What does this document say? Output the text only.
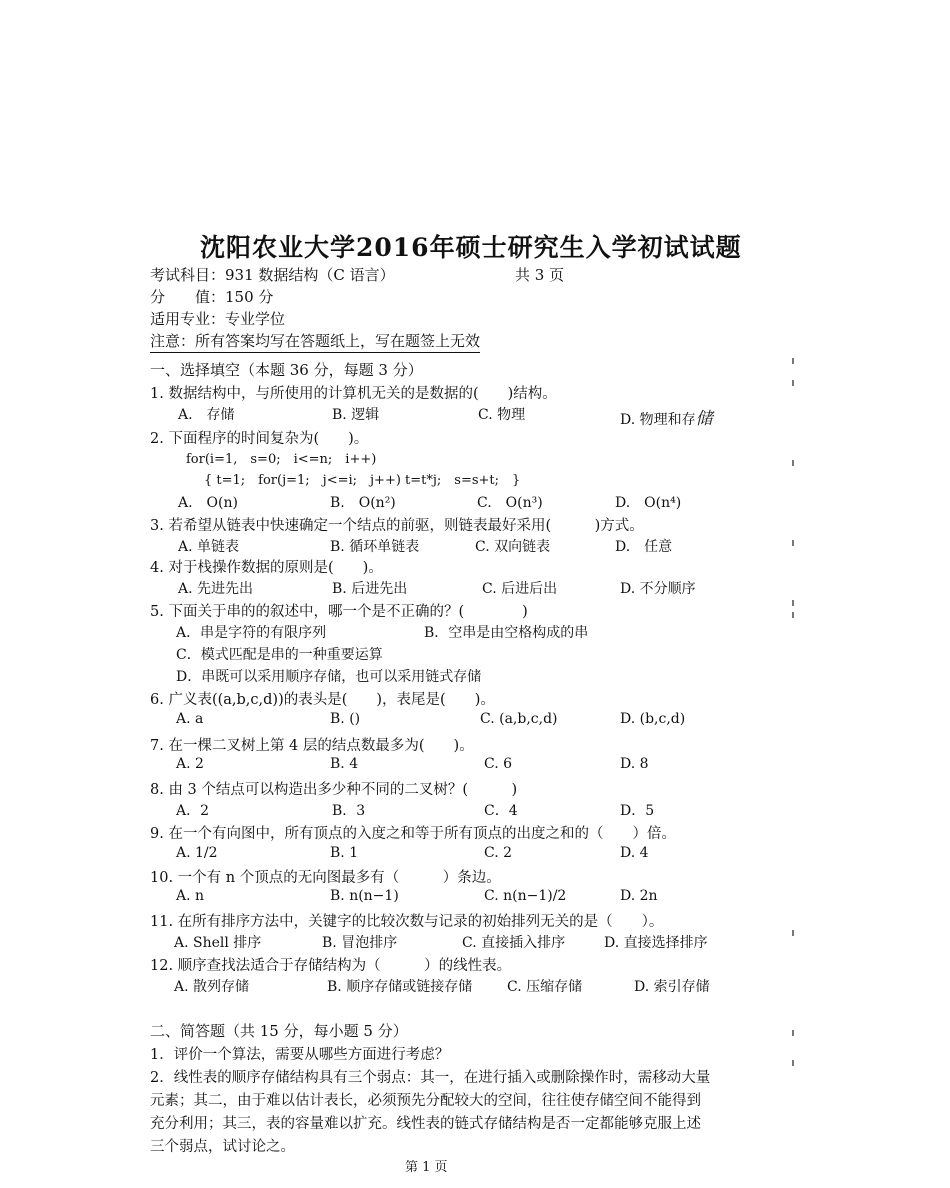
沈阳农业大学2016年硕士研究生入学初试试题
考试科目：931 数据结构（C 语言）	共 3 页
分　　值：150 分
适用专业：专业学位
注意：所有答案均写在答题纸上，写在题签上无效
一、选择填空（本题 36 分，每题 3 分）
1. 数据结构中，与所使用的计算机无关的是数据的(　　)结构。
A.　存储	B. 逻辑	C. 物理	D. 物理和存储
2. 下面程序的时间复杂为(　　)。
for(i=1,　s=0;　i<=n;　i++)
{ t=1;　for(j=1;　j<=i;　j++) t=t*j;　s=s+t;　}
A.　O(n)	B.　O(n²)	C.　O(n³)	D.　O(n⁴)
3. 若希望从链表中快速确定一个结点的前驱，则链表最好采用(　　　)方式。
A. 单链表	B. 循环单链表	C. 双向链表	D.　任意
4. 对于栈操作数据的原则是(　　)。
A. 先进先出	B. 后进先出	C. 后进后出	D. 不分顺序
5. 下面关于串的的叙述中，哪一个是不正确的？(　　　　)
A．串是字符的有限序列	B．空串是由空格构成的串
C．模式匹配是串的一种重要运算
D．串既可以采用顺序存储，也可以采用链式存储
6. 广义表((a,b,c,d))的表头是(　　)，表尾是(　　)。
A. a	B. ()	C. (a,b,c,d)	D. (b,c,d)
7. 在一棵二叉树上第 4 层的结点数最多为(　　)。
A. 2	B. 4	C. 6	D. 8
8. 由 3 个结点可以构造出多少种不同的二叉树？(　　　)
A．2	B．3	C．4	D．5
9. 在一个有向图中，所有顶点的入度之和等于所有顶点的出度之和的（　　）倍。
A. 1/2	B. 1	C. 2	D. 4
10. 一个有 n 个顶点的无向图最多有（　　　）条边。
A. n	B. n(n−1)	C. n(n−1)/2	D. 2n
11. 在所有排序方法中，关键字的比较次数与记录的初始排列无关的是（　　）。
A. Shell 排序	B. 冒泡排序	C. 直接插入排序	D. 直接选择排序
12. 顺序查找法适合于存储结构为（　　　）的线性表。
A. 散列存储	B. 顺序存储或链接存储 C. 压缩存储	D. 索引存储
二、简答题（共 15 分，每小题 5 分）
1．评价一个算法，需要从哪些方面进行考虑？
2．线性表的顺序存储结构具有三个弱点：其一，在进行插入或删除操作时，需移动大量
元素；其二，由于难以估计表长，必须预先分配较大的空间，往往使存储空间不能得到
充分利用；其三，表的容量难以扩充。线性表的链式存储结构是否一定都能够克服上述
三个弱点，试讨论之。
第 1 页
